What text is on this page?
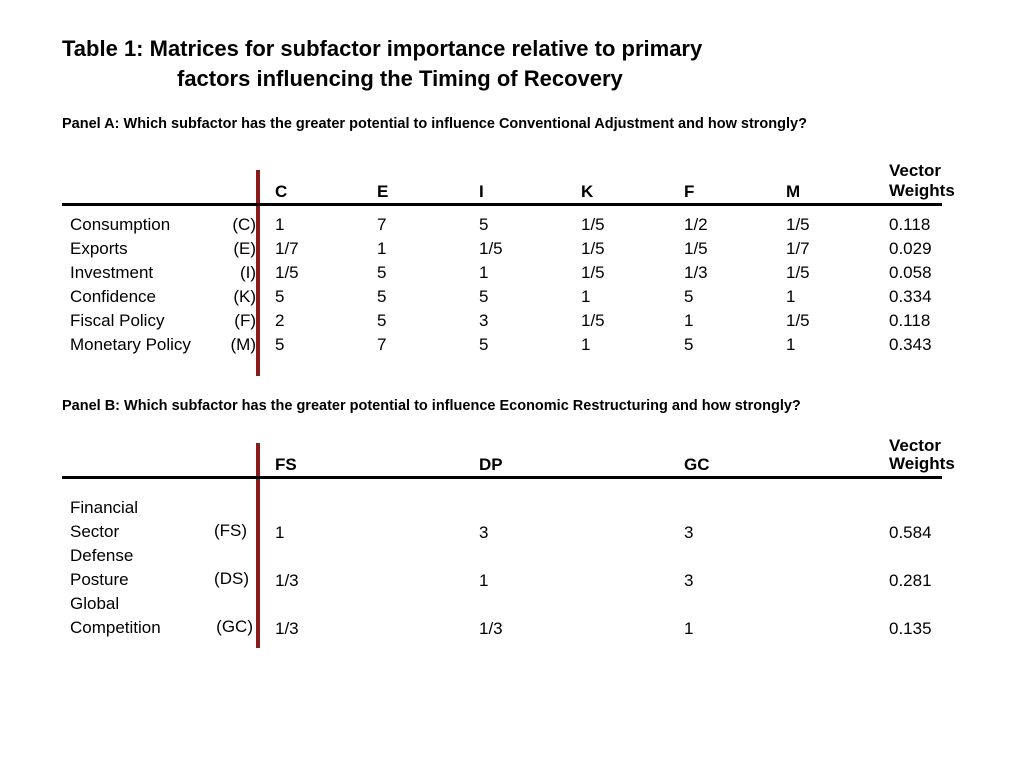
Table 1: Matrices for subfactor importance relative to primary
factors influencing the Timing of Recovery

Panel A: Which subfactor has the greater potential to influence Conventional Adjustment and how strongly?

C	E	I	K	F	M
Vector
Weights
Consumption	(C) 1	7	5	1/5	1/2	1/5	0.118
Exports	(E) 1/7	1	1/5	1/5	1/5	1/7	0.029
Investment	(I) 1/5	5	1	1/5	1/3	1/5	0.058
Confidence	(K) 5	5	5	1	5	1	0.334
Fiscal Policy	(F) 2	5	3	1/5	1	1/5	0.118
Monetary Policy (M) 5	7	5	1	5	1	0.343

Panel B: Which subfactor has the greater potential to influence Economic Restructuring and how strongly?

FS	DP	GC
Vector
Weights
Financial
Sector	(FS) 1	3	3	0.584
Defense
Posture	(DS) 1/3	1	3	0.281
Global
Competition	(GC) 1/3	1/3	1	0.135
